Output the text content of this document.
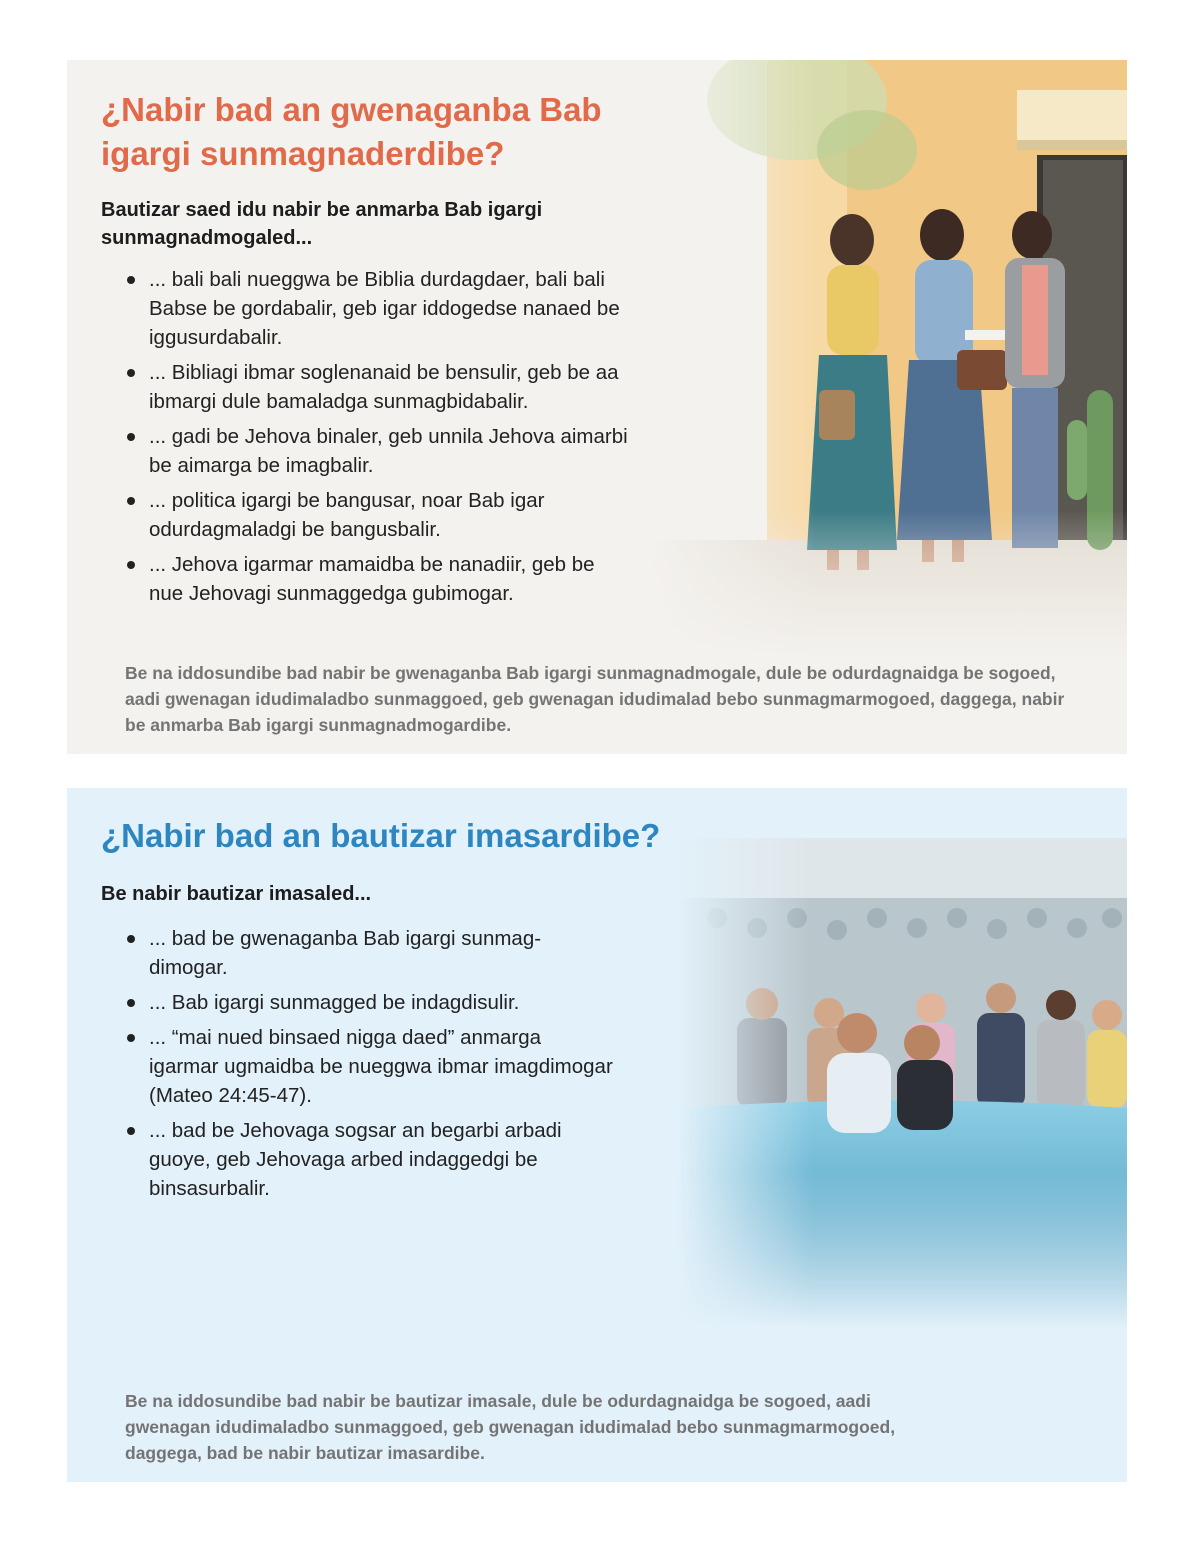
¿Nabir bad an gwenaganba Bab igargi sunmagnaderdibe?

Bautizar saed idu nabir be anmarba Bab igargi sunmagnadmogaled...

... bali bali nueggwa be Biblia durdagdaer, bali bali Babse be gordabalir, geb igar iddogedse nanaed be iggusurdabalir.
... Bibliagi ibmar soglenanaid be bensulir, geb be aa ibmargi dule bamaladga sunmagbidabalir.
... gadi be Jehova binaler, geb unnila Jehova aimarbi be aimarga be imagbalir.
... politica igargi be bangusar, noar Bab igar odurdagmaladgi be bangusbalir.
... Jehova igarmar mamaidba be nanadiir, geb be nue Jehovagi sunmaggedga gubimogar.

Be na iddosundibe bad nabir be gwenaganba Bab igargi sunmagnadmogale, dule be odurdagnaidga be sogoed, aadi gwenagan idudimaladbo sunmaggoed, geb gwenagan idudimalad bebo sunmagmarmogoed, daggega, nabir be anmarba Bab igargi sunmagnadmogardibe.

¿Nabir bad an bautizar imasardibe?

Be nabir bautizar imasaled...

... bad be gwenaganba Bab igargi sunmag-dimogar.
... Bab igargi sunmagged be indagdisulir.
... “mai nued binsaed nigga daed” anmarga igarmar ugmaidba be nueggwa ibmar imagdimogar (Mateo 24:45-47).
... bad be Jehovaga sogsar an begarbi arbadi guoye, geb Jehovaga arbed indaggedgi be binsasurbalir.

Be na iddosundibe bad nabir be bautizar imasale, dule be odurdagnaidga be sogoed, aadi gwenagan idudimaladbo sunmaggoed, geb gwenagan idudimalad bebo sunmagmarmogoed, daggega, bad be nabir bautizar imasardibe.
